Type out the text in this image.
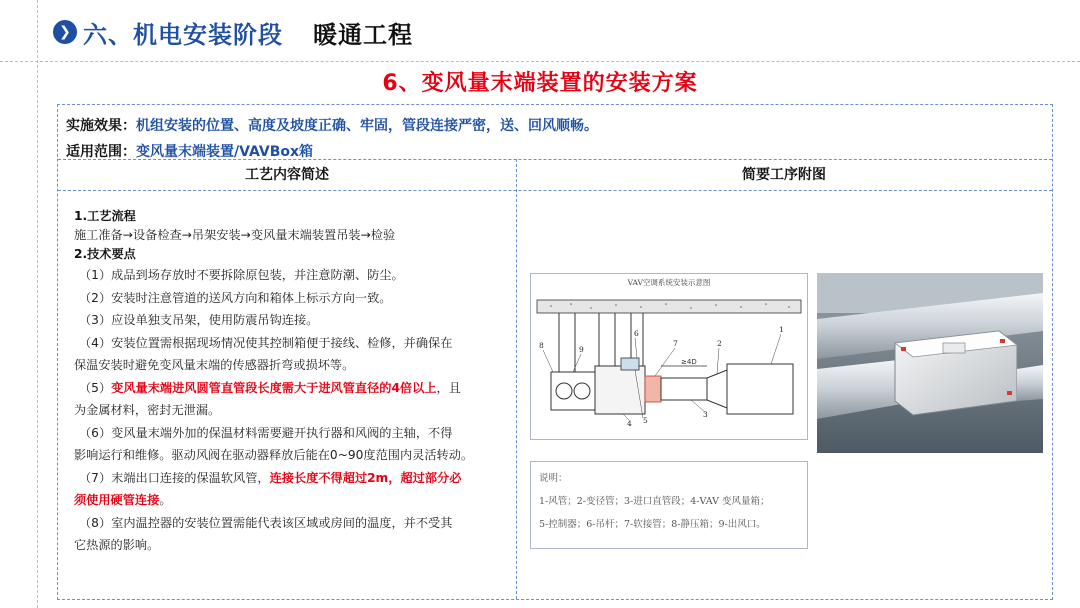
❯ 六、机电安装阶段 暖通工程
6、变风量末端装置的安装方案
实施效果：机组安装的位置、高度及坡度正确、牢固，管段连接严密，送、回风顺畅。
适用范围：变风量末端装置/VAVBox箱
工艺内容简述	简要工序附图
1.工艺流程
施工准备→设备检查→吊架安装→变风量末端装置吊装→检验
2.技术要点
（1）成品到场存放时不要拆除原包装，并注意防潮、防尘。
（2）安装时注意管道的送风方向和箱体上标示方向一致。
（3）应设单独支吊架，使用防震吊钩连接。
（4）安装位置需根据现场情况使其控制箱便于接线、检修，并确保在
保温安装时避免变风量末端的传感器折弯或损坏等。
（5）变风量末端进风圆管直管段长度需大于进风管直径的4倍以上，且
为金属材料，密封无泄漏。
（6）变风量末端外加的保温材料需要避开执行器和风阀的主轴，不得
影响运行和维修。驱动风阀在驱动器释放后能在0~90度范围内灵活转动。
（7）末端出口连接的保温软风管，连接长度不得超过2m，超过部分必
须使用硬管连接。
（8）室内温控器的安装位置需能代表该区域或房间的温度，并不受其
它热源的影响。
VAV空调系统安装示意图
≥4D
1
2
3
4 5
6
7
8	9
说明：
1-风管；2-变径管；3-进口直管段；4-VAV 变风量箱；
5-控制器；6-吊杆；7-软接管；8-静压箱；9-出风口。
